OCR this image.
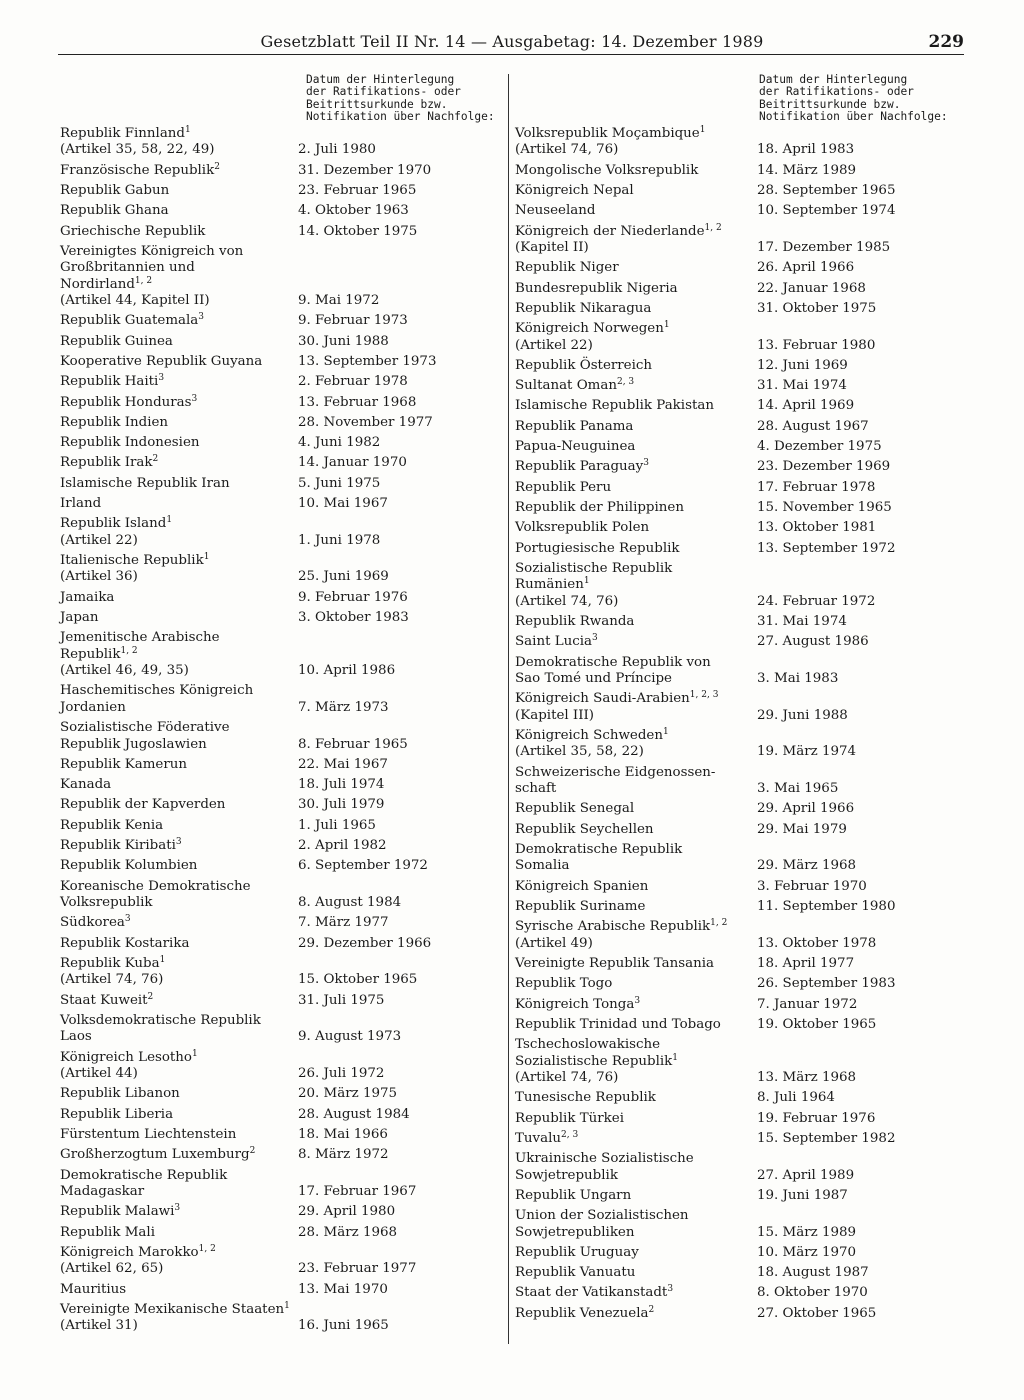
Gesetzblatt Teil II Nr. 14 — Ausgabetag: 14. Dezember 1989	229
Datum der Hinterlegung
der Ratifikations- oder
Beitrittsurkunde bzw.
Notifikation über Nachfolge:
Republik Finnland$^1$
(Artikel 35, 58, 22, 49)	2. Juli 1980
Französische Republik$^2$	31. Dezember 1970
Republik Gabun	23. Februar 1965
Republik Ghana	4. Oktober 1963
Griechische Republik	14. Oktober 1975
Vereinigtes Königreich von
Großbritannien und
Nordirland$^{1, 2}$
(Artikel 44, Kapitel II)	9. Mai 1972
Republik Guatemala$^3$	9. Februar 1973
Republik Guinea	30. Juni 1988
Kooperative Republik Guyana	13. September 1973
Republik Haiti$^3$	2. Februar 1978
Republik Honduras$^3$	13. Februar 1968
Republik Indien	28. November 1977
Republik Indonesien	4. Juni 1982
Republik Irak$^2$	14. Januar 1970
Islamische Republik Iran	5. Juni 1975
Irland	10. Mai 1967
Republik Island$^1$
(Artikel 22)	1. Juni 1978
Italienische Republik$^1$
(Artikel 36)	25. Juni 1969
Jamaika	9. Februar 1976
Japan	3. Oktober 1983
Jemenitische Arabische
Republik$^{1, 2}$
(Artikel 46, 49, 35)	10. April 1986
Haschemitisches Königreich
Jordanien	7. März 1973
Sozialistische Föderative
Republik Jugoslawien	8. Februar 1965
Republik Kamerun	22. Mai 1967
Kanada	18. Juli 1974
Republik der Kapverden	30. Juli 1979
Republik Kenia	1. Juli 1965
Republik Kiribati$^3$	2. April 1982
Republik Kolumbien	6. September 1972
Koreanische Demokratische
Volksrepublik	8. August 1984
Südkorea$^3$	7. März 1977
Republik Kostarika	29. Dezember 1966
Republik Kuba$^1$
(Artikel 74, 76)	15. Oktober 1965
Staat Kuweit$^2$	31. Juli 1975
Volksdemokratische Republik
Laos	9. August 1973
Königreich Lesotho$^1$
(Artikel 44)	26. Juli 1972
Republik Libanon	20. März 1975
Republik Liberia	28. August 1984
Fürstentum Liechtenstein	18. Mai 1966
Großherzogtum Luxemburg$^2$	8. März 1972
Demokratische Republik
Madagaskar	17. Februar 1967
Republik Malawi$^3$	29. April 1980
Republik Mali	28. März 1968
Königreich Marokko$^{1, 2}$
(Artikel 62, 65)	23. Februar 1977
Mauritius	13. Mai 1970
Vereinigte Mexikanische Staaten$^1$
(Artikel 31)	16. Juni 1965
Datum der Hinterlegung
der Ratifikations- oder
Beitrittsurkunde bzw.
Notifikation über Nachfolge:
Volksrepublik Moçambique$^1$
(Artikel 74, 76)	18. April 1983
Mongolische Volksrepublik	14. März 1989
Königreich Nepal	28. September 1965
Neuseeland	10. September 1974
Königreich der Niederlande$^{1, 2}$
(Kapitel II)	17. Dezember 1985
Republik Niger	26. April 1966
Bundesrepublik Nigeria	22. Januar 1968
Republik Nikaragua	31. Oktober 1975
Königreich Norwegen$^1$
(Artikel 22)	13. Februar 1980
Republik Österreich	12. Juni 1969
Sultanat Oman$^{2, 3}$	31. Mai 1974
Islamische Republik Pakistan	14. April 1969
Republik Panama	28. August 1967
Papua-Neuguinea	4. Dezember 1975
Republik Paraguay$^3$	23. Dezember 1969
Republik Peru	17. Februar 1978
Republik der Philippinen	15. November 1965
Volksrepublik Polen	13. Oktober 1981
Portugiesische Republik	13. September 1972
Sozialistische Republik
Rumänien$^1$
(Artikel 74, 76)	24. Februar 1972
Republik Rwanda	31. Mai 1974
Saint Lucia$^3$	27. August 1986
Demokratische Republik von
Sao Tomé und Príncipe	3. Mai 1983
Königreich Saudi-Arabien$^{1, 2, 3}$
(Kapitel III)	29. Juni 1988
Königreich Schweden$^1$
(Artikel 35, 58, 22)	19. März 1974
Schweizerische Eidgenossen-
schaft	3. Mai 1965
Republik Senegal	29. April 1966
Republik Seychellen	29. Mai 1979
Demokratische Republik
Somalia	29. März 1968
Königreich Spanien	3. Februar 1970
Republik Suriname	11. September 1980
Syrische Arabische Republik$^{1, 2}$
(Artikel 49)	13. Oktober 1978
Vereinigte Republik Tansania	18. April 1977
Republik Togo	26. September 1983
Königreich Tonga$^3$	7. Januar 1972
Republik Trinidad und Tobago	19. Oktober 1965
Tschechoslowakische
Sozialistische Republik$^1$
(Artikel 74, 76)	13. März 1968
Tunesische Republik	8. Juli 1964
Republik Türkei	19. Februar 1976
Tuvalu$^{2, 3}$	15. September 1982
Ukrainische Sozialistische
Sowjetrepublik	27. April 1989
Republik Ungarn	19. Juni 1987
Union der Sozialistischen
Sowjetrepubliken	15. März 1989
Republik Uruguay	10. März 1970
Republik Vanuatu	18. August 1987
Staat der Vatikanstadt$^3$	8. Oktober 1970
Republik Venezuela$^2$	27. Oktober 1965
